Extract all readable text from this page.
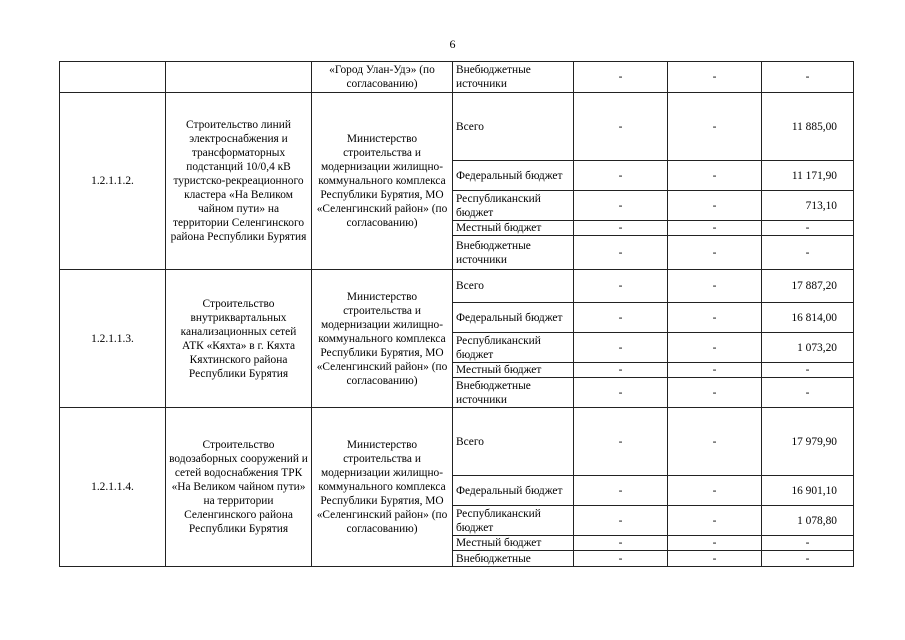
6
		«Город Улан-Удэ» (по согласованию)	Внебюджетные источники	-	-	-
1.2.1.1.2.	Строительство линий электроснабжения и трансформаторных подстанций 10/0,4 кВ туристско-рекреационного кластера «На Великом чайном пути» на территории Селенгинского района Республики Бурятия	Министерство строительства и модернизации жилищно-коммунального комплекса Республики Бурятия, МО «Селенгинский район» (по согласованию)	Всего	-	-	11 885,00
			Федеральный бюджет	-	-	11 171,90
			Республиканский бюджет	-	-	713,10
			Местный бюджет	-	-	-
			Внебюджетные источники	-	-	-
1.2.1.1.3.	Строительство внутриквартальных канализационных сетей АТК «Кяхта» в г. Кяхта Кяхтинского района Республики Бурятия	Министерство строительства и модернизации жилищно-коммунального комплекса Республики Бурятия, МО «Селенгинский район» (по согласованию)	Всего	-	-	17 887,20
			Федеральный бюджет	-	-	16 814,00
			Республиканский бюджет	-	-	1 073,20
			Местный бюджет	-	-	-
			Внебюджетные источники	-	-	-
1.2.1.1.4.	Строительство водозаборных сооружений и сетей водоснабжения ТРК «На Великом чайном пути» на территории Селенгинского района Республики Бурятия	Министерство строительства и модернизации жилищно-коммунального комплекса Республики Бурятия, МО «Селенгинский район» (по согласованию)	Всего	-	-	17 979,90
			Федеральный бюджет	-	-	16 901,10
			Республиканский бюджет	-	-	1 078,80
			Местный бюджет	-	-	-
			Внебюджетные	-	-	-
